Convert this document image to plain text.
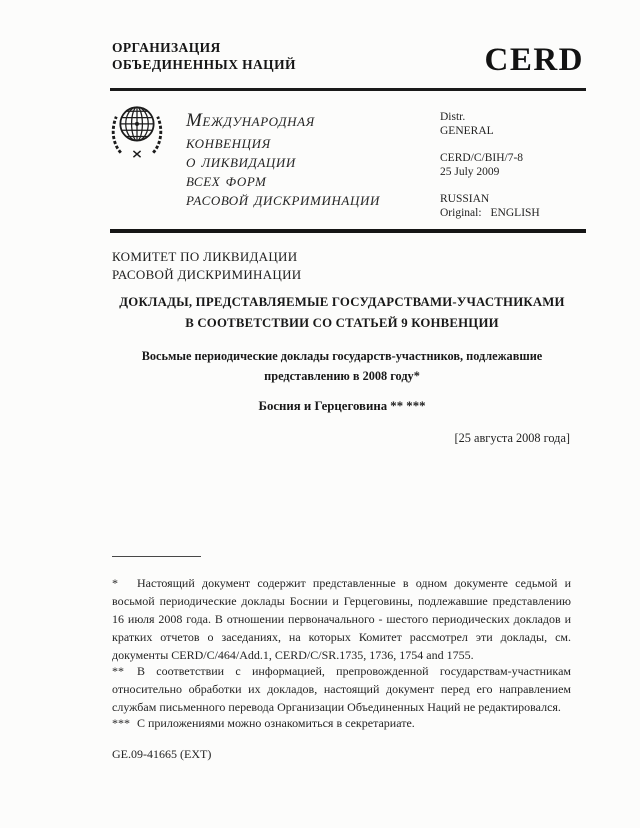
ОРГАНИЗАЦИЯ
ОБЪЕДИНЕННЫХ НАЦИЙ	CERD
Международная
конвенция
о ликвидации
всех форм
расовой дискриминации
Distr.
GENERAL
CERD/C/BIH/7-8
25 July 2009
RUSSIAN
Original: ENGLISH
КОМИТЕТ ПО ЛИКВИДАЦИИ
РАСОВОЙ ДИСКРИМИНАЦИИ
ДОКЛАДЫ, ПРЕДСТАВЛЯЕМЫЕ ГОСУДАРСТВАМИ-УЧАСТНИКАМИ
В СООТВЕТСТВИИ СО СТАТЬЕЙ 9 КОНВЕНЦИИ
Восьмые периодические доклады государств-участников, подлежавшие
представлению в 2008 году*
Босния и Герцеговина ** ***
[25 августа 2008 года]

* Настоящий документ содержит представленные в одном документе седьмой и восьмой периодические доклады Боснии и Герцеговины, подлежавшие представлению 16 июля 2008 года. В отношении первоначального - шестого периодических докладов и кратких отчетов о заседаниях, на которых Комитет рассмотрел эти доклады, см. документы CERD/C/464/Add.1, CERD/C/SR.1735, 1736, 1754 and 1755.

** В соответствии с информацией, препровожденной государствам-участникам относительно обработки их докладов, настоящий документ перед его направлением службам письменного перевода Организации Объединенных Наций не редактировался.

*** С приложениями можно ознакомиться в секретариате.

GE.09-41665 (EXT)
